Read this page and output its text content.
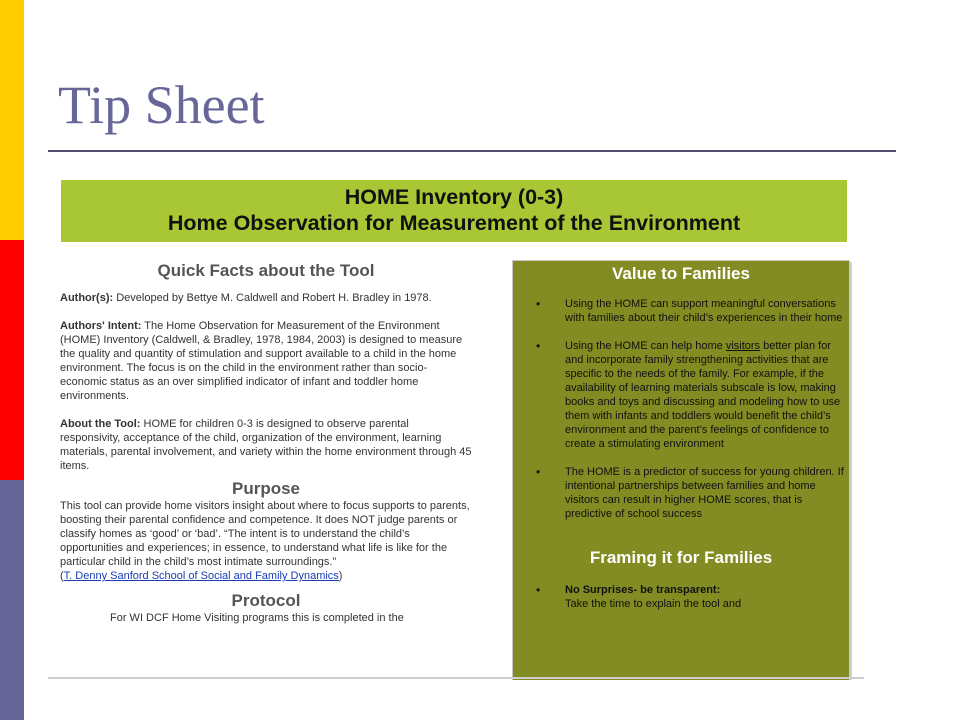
Tip Sheet
HOME Inventory (0-3)
Home Observation for Measurement of the Environment
Quick Facts about the Tool

Author(s): Developed by Bettye M. Caldwell and Robert H. Bradley in 1978.

Authors' Intent: The Home Observation for Measurement of the Environment (HOME) Inventory (Caldwell, & Bradley, 1978, 1984, 2003) is designed to measure the quality and quantity of stimulation and support available to a child in the home environment. The focus is on the child in the environment rather than socio-economic status as an over simplified indicator of infant and toddler home environments.

About the Tool: HOME for children 0-3 is designed to observe parental responsivity, acceptance of the child, organization of the environment, learning materials, parental involvement, and variety within the home environment through 45 items.

Purpose

This tool can provide home visitors insight about where to focus supports to parents, boosting their parental confidence and competence. It does NOT judge parents or classify homes as ‘good’ or ‘bad’. “The intent is to understand the child’s opportunities and experiences; in essence, to understand what life is like for the particular child in the child’s most intimate surroundings.”
(T. Denny Sanford School of Social and Family Dynamics)

Protocol

For WI DCF Home Visiting programs this is completed in the

Value to Families
• Using the HOME can support meaningful conversations with families about their child’s experiences in their home
• Using the HOME can help home visitors better plan for and incorporate family strengthening activities that are specific to the needs of the family. For example, if the availability of learning materials subscale is low, making books and toys and discussing and modeling how to use them with infants and toddlers would benefit the child’s environment and the parent’s feelings of confidence to create a stimulating environment
• The HOME is a predictor of success for young children. If intentional partnerships between families and home visitors can result in higher HOME scores, that is predictive of school success
Framing it for Families
• No Surprises- be transparent:
Take the time to explain the tool and
